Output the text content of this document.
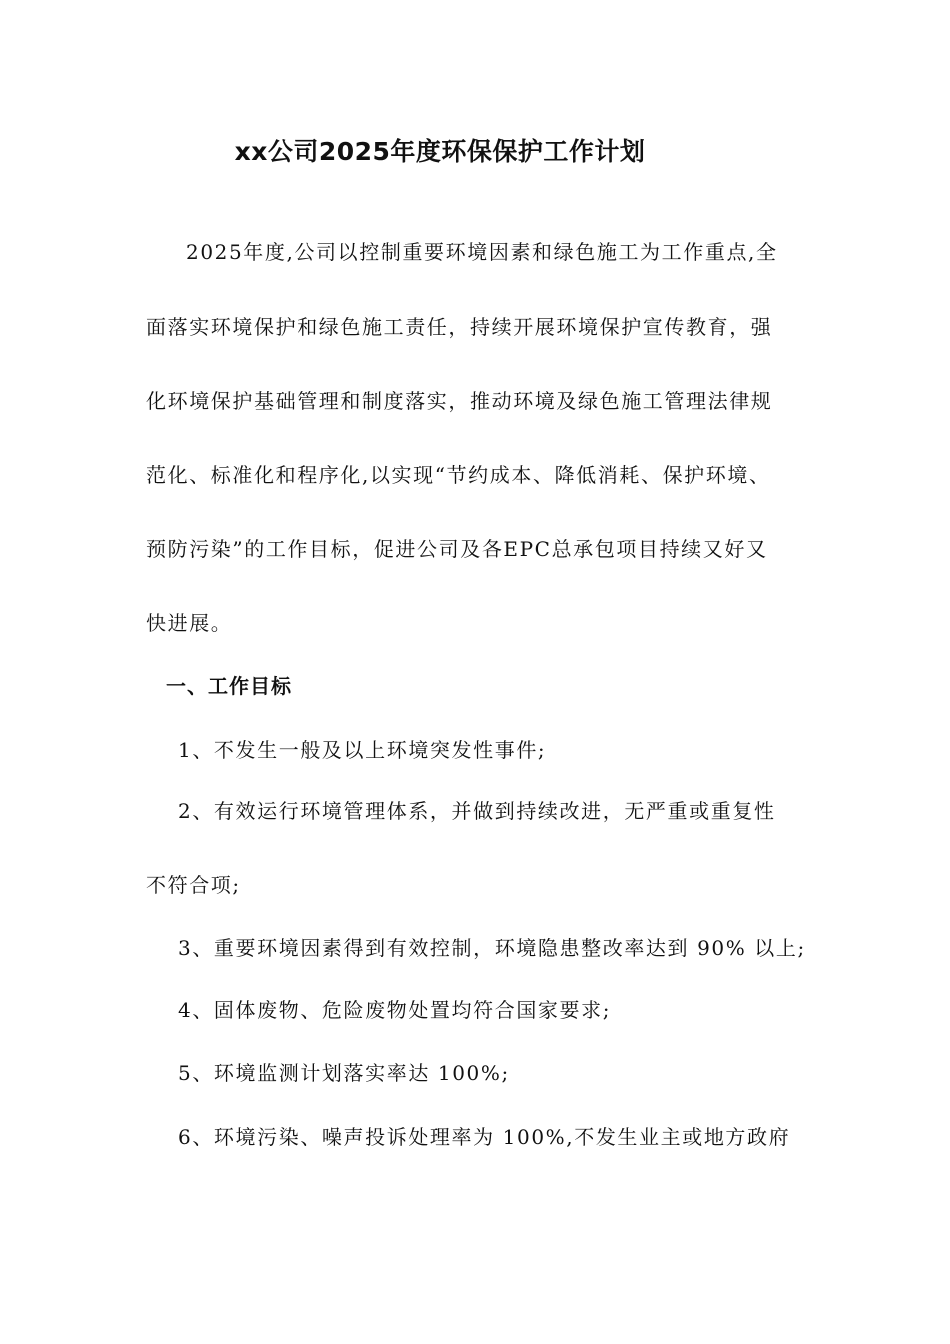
xx公司2025年度环保保护工作计划
2025年度,公司以控制重要环境因素和绿色施工为工作重点,全
面落实环境保护和绿色施工责任，持续开展环境保护宣传教育，强
化环境保护基础管理和制度落实，推动环境及绿色施工管理法律规
范化、标准化和程序化,以实现“节约成本、降低消耗、保护环境、
预防污染”的工作目标，促进公司及各EPC总承包项目持续又好又
快进展。
一、工作目标
1、不发生一般及以上环境突发性事件;
2、有效运行环境管理体系，并做到持续改进，无严重或重复性
不符合项;
3、重要环境因素得到有效控制，环境隐患整改率达到 90% 以上;
4、固体废物、危险废物处置均符合国家要求;
5、环境监测计划落实率达 100%;
6、环境污染、噪声投诉处理率为 100%,不发生业主或地方政府
